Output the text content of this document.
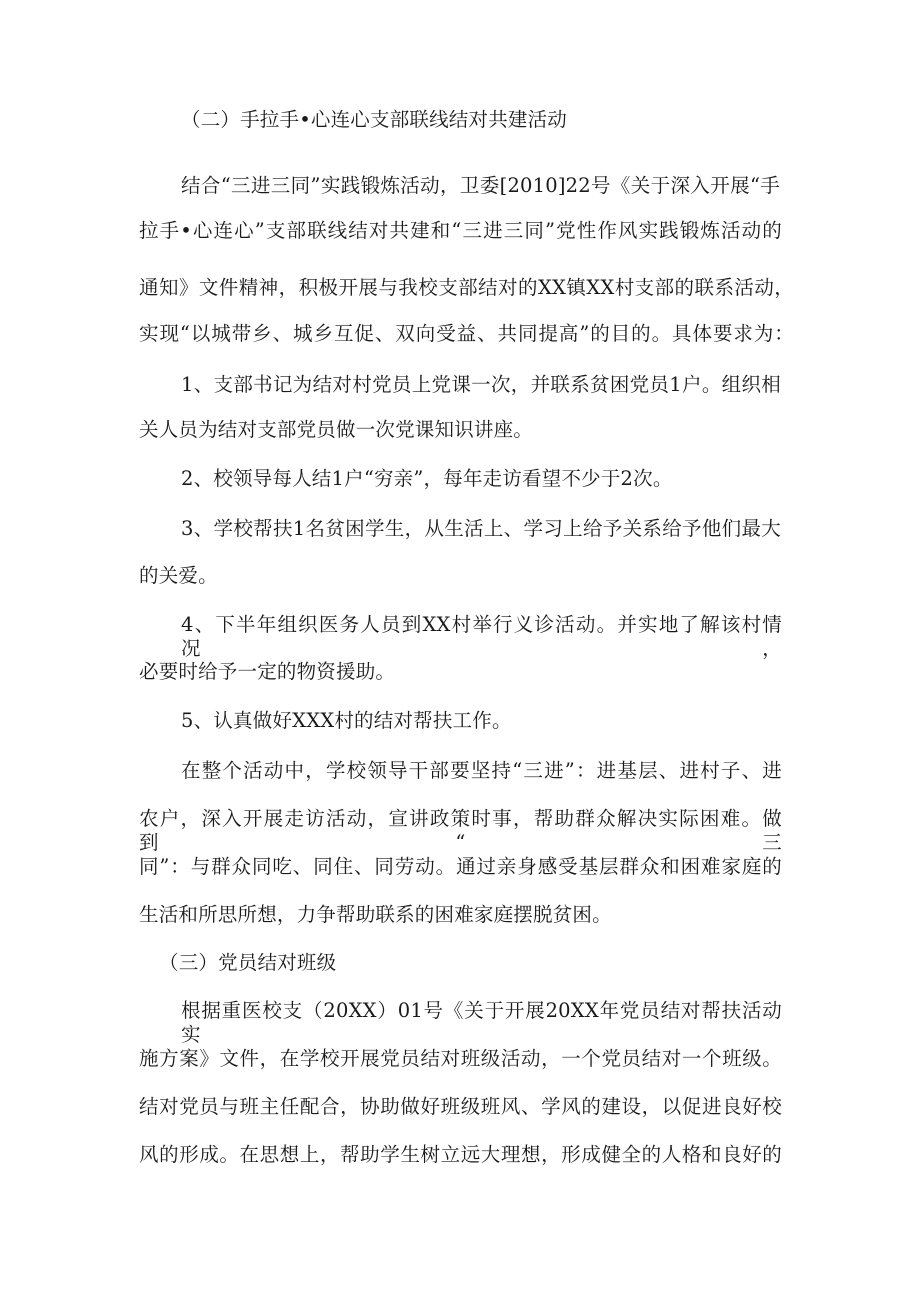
（二）手拉手•心连心支部联线结对共建活动
结合“三进三同”实践锻炼活动，卫委[2010]22号《关于深入开展“手
拉手•心连心”支部联线结对共建和“三进三同”党性作风实践锻炼活动的
通知》文件精神，积极开展与我校支部结对的XX镇XX村支部的联系活动，
实现“以城带乡、城乡互促、双向受益、共同提高”的目的。具体要求为：
1、支部书记为结对村党员上党课一次，并联系贫困党员1户。组织相
关人员为结对支部党员做一次党课知识讲座。
2、校领导每人结1户“穷亲”，每年走访看望不少于2次。
3、学校帮扶1名贫困学生，从生活上、学习上给予关系给予他们最大
的关爱。
4、下半年组织医务人员到XX村举行义诊活动。并实地了解该村情况，
必要时给予一定的物资援助。
5、认真做好XXX村的结对帮扶工作。
在整个活动中，学校领导干部要坚持“三进”：进基层、进村子、进
农户，深入开展走访活动，宣讲政策时事，帮助群众解决实际困难。做到“三
同”：与群众同吃、同住、同劳动。通过亲身感受基层群众和困难家庭的
生活和所思所想，力争帮助联系的困难家庭摆脱贫困。
（三）党员结对班级
根据重医校支（20XX）01号《关于开展20XX年党员结对帮扶活动实
施方案》文件，在学校开展党员结对班级活动，一个党员结对一个班级。
结对党员与班主任配合，协助做好班级班风、学风的建设，以促进良好校
风的形成。在思想上，帮助学生树立远大理想，形成健全的人格和良好的
